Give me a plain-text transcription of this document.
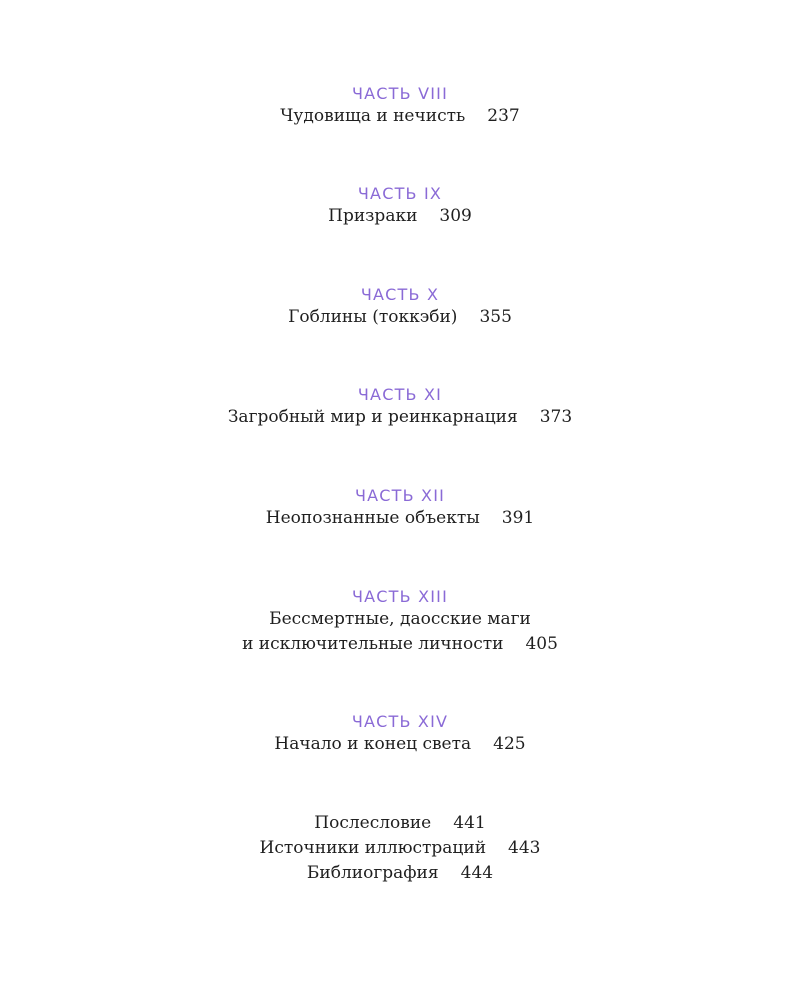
ЧАСТЬ VIII
Чудовища и нечисть 237
ЧАСТЬ IX
Призраки 309
ЧАСТЬ X
Гоблины (токкэби) 355
ЧАСТЬ XI
Загробный мир и реинкарнация 373
ЧАСТЬ XII
Неопознанные объекты 391
ЧАСТЬ XIII
Бессмертные, даосские маги
и исключительные личности 405
ЧАСТЬ XIV
Начало и конец света 425
Послесловие 441
Источники иллюстраций 443
Библиография 444
